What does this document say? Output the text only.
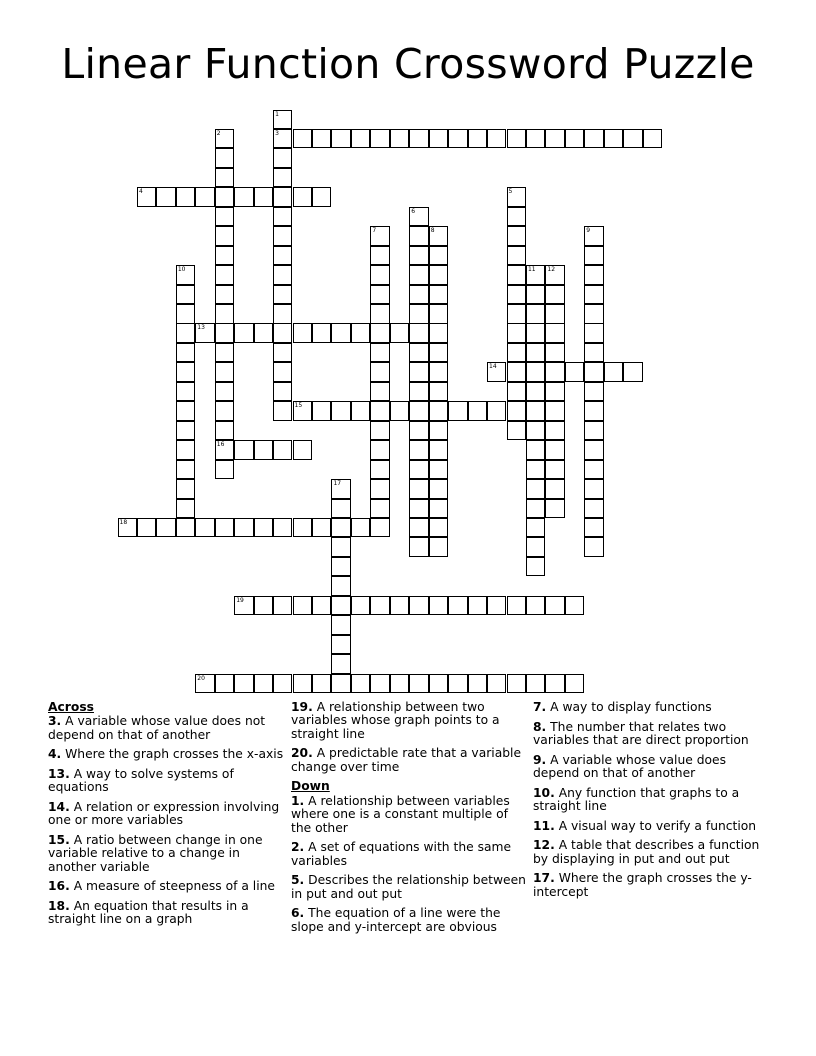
Linear Function Crossword Puzzle
1
3
2
16
4	5
6
7	8	9
10	11 12
13
14
15
17
18
19
20
Across
3. A variable whose value does not depend on that of another
4. Where the graph crosses the x-axis
13. A way to solve systems of equations
14. A relation or expression involving one or more variables
15. A ratio between change in one variable relative to a change in another variable
16. A measure of steepness of a line
18. An equation that results in a straight line on a graph
19. A relationship between two variables whose graph points to a straight line
20. A predictable rate that a variable change over time
Down
1. A relationship between variables where one is a constant multiple of the other
2. A set of equations with the same variables
5. Describes the relationship between in put and out put
6. The equation of a line were the slope and y-intercept are obvious
7. A way to display functions
8. The number that relates two variables that are direct proportion
9. A variable whose value does depend on that of another
10. Any function that graphs to a straight line
11. A visual way to verify a function
12. A table that describes a function by displaying in put and out put
17. Where the graph crosses the y-intercept
